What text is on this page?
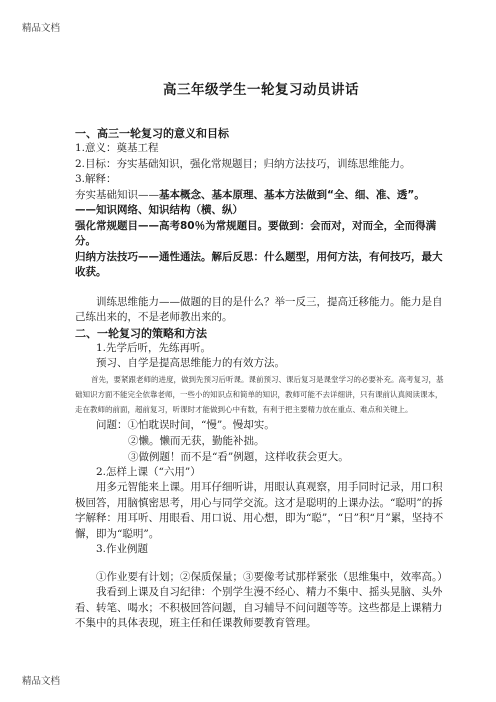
精品文档
高三年级学生一轮复习动员讲话

一、高三一轮复习的意义和目标

1.意义：奠基工程

2.目标：夯实基础知识，强化常规题目；归纳方法技巧，训练思维能力。

3.解释：

夯实基础知识——基本概念、基本原理、基本方法做到“全、细、准、透”。

——知识网络、知识结构（横、纵）

强化常规题目——高考80％为常规题目。要做到：会而对，对而全，全而得满分。

归纳方法技巧——通性通法。解后反思：什么题型，用何方法，有何技巧，最大收获。

训练思维能力——做题的目的是什么？举一反三，提高迁移能力。能力是自己练出来的，不是老师教出来的。

二、一轮复习的策略和方法

1.先学后听，先练再听。

预习、自学是提高思维能力的有效方法。

首先，要紧跟老师的进度，做到先预习后听课。课前预习、课后复习是课堂学习的必要补充。高考复习，基础知识方面不能完全依靠老师，一些小的知识点和简单的知识，教师可能不去详细讲，只有课前认真阅读课本，走在教师的前面，超前复习，听课时才能做到心中有数，有利于把主要精力放在重点、难点和关键上。

问题：①怕耽误时间，“慢”。慢却实。

②懒。懒而无获，勤能补拙。

③做例题！而不是“看”例题，这样收获会更大。

2.怎样上课（“六用”）

用多元智能来上课。用耳仔细听讲，用眼认真观察，用手同时记录，用口积极回答，用脑慎密思考，用心与同学交流。这才是聪明的上课办法。“聪明”的拆字解释：用耳听、用眼看、用口说、用心想，即为“聪”，“日”积“月”累，坚持不懈，即为“聪明”。

3.作业例题

①作业要有计划；②保质保量；③要像考试那样紧张（思维集中，效率高。）

我看到上课及自习纪律：个别学生漫不经心、精力不集中、摇头晃脑、头外看、转笔、喝水；不积极回答问题，自习辅导不问问题等等。这些都是上课精力不集中的具体表现，班主任和任课教师要教育管理。

精品文档
